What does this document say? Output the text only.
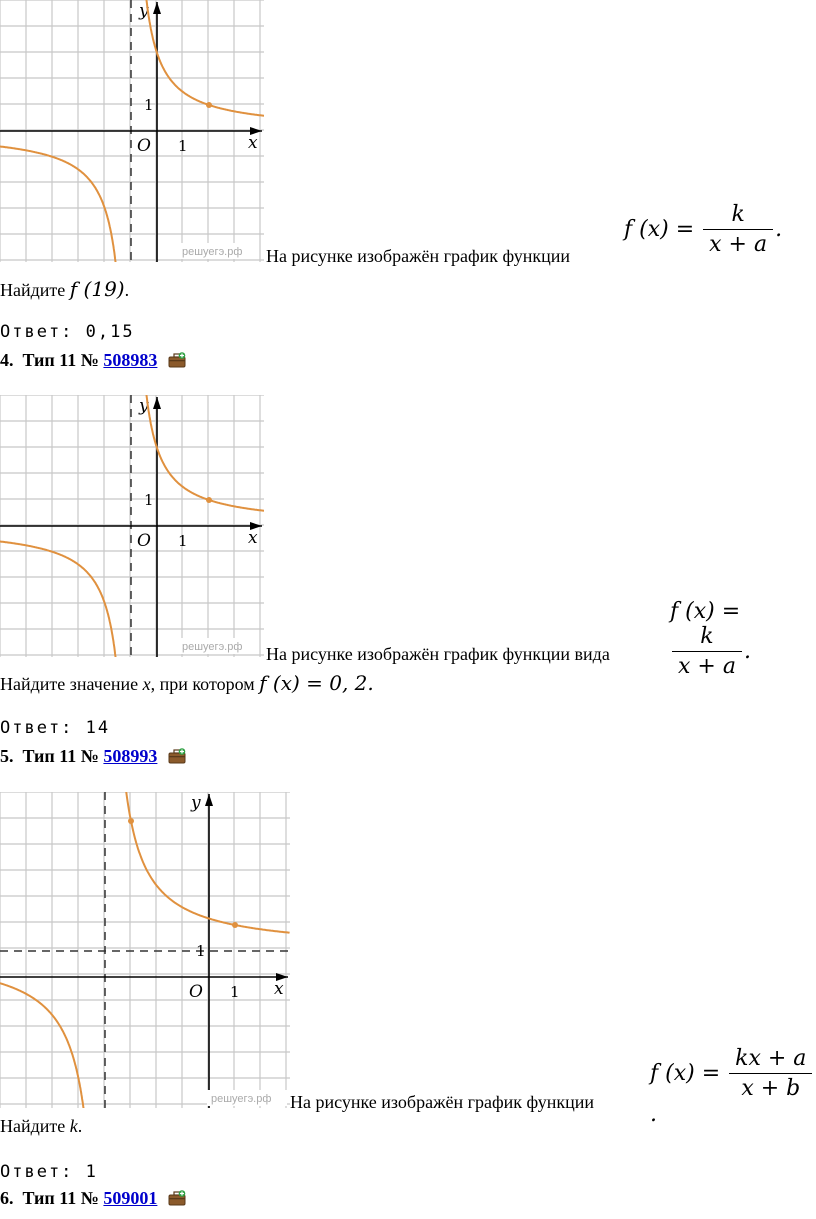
y
x
O 1
1
решуегэ.рф На рисунке изображён график функции
f $(x) = \frac{k}{x + a}$ .
Найдите f (19).
Ответ: 0,15
4. Тип 11 № 508983
y
x
O 1
1
решуегэ.рф На рисунке изображён график функции вида
f (x) =
$\frac{k}{x + a}$ .
Найдите значение x, при котором f (x) = 0, 2.
Ответ: 14
5. Тип 11 № 508993
y
x
O 1
1
решуегэ.рф На рисунке изображён график функции
f $(x) = \frac{kx + a}{x + b}$
.
Найдите k.
Ответ: 1
6. Тип 11 № 509001
